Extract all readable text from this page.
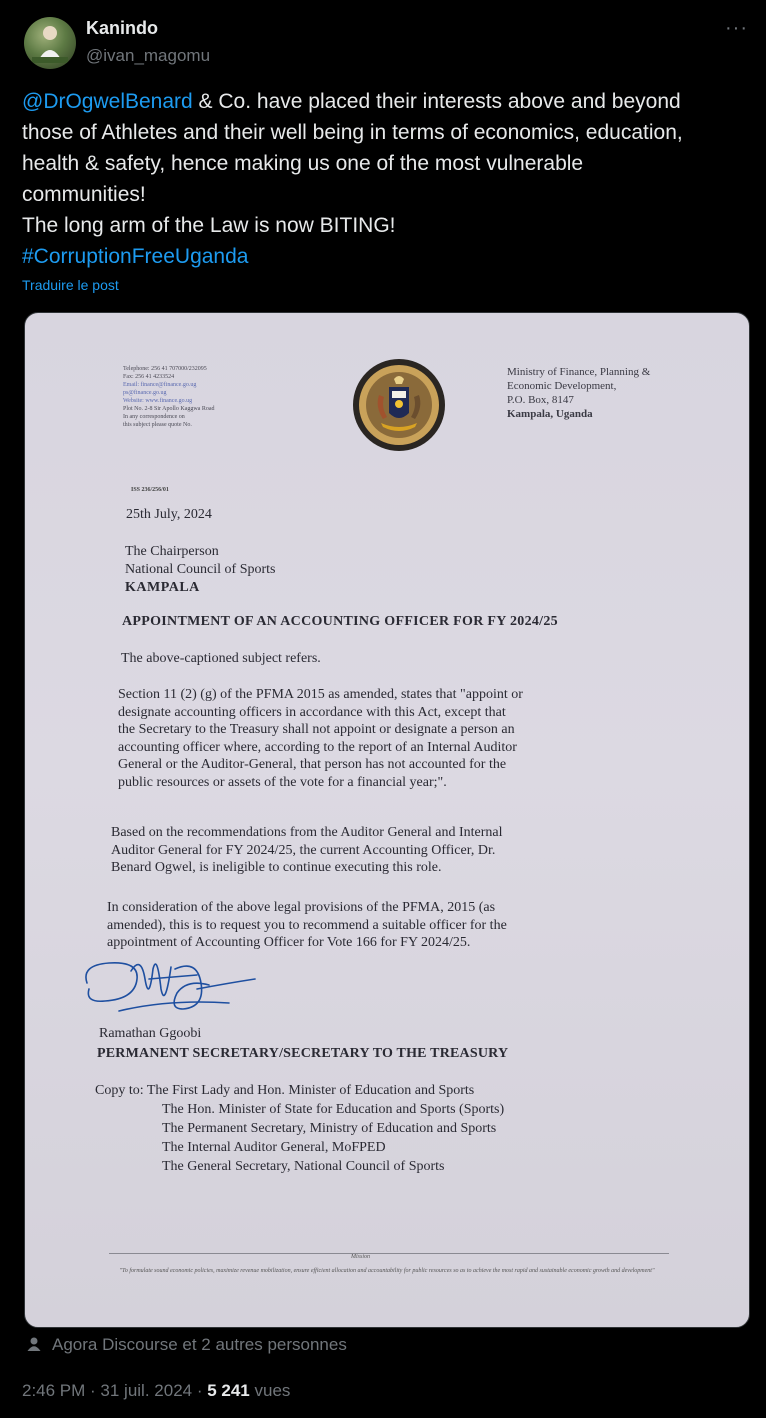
Kanindo
@ivan_magomu
···
@DrOgwelBenard & Co. have placed their interests above and beyond
those of Athletes and their well being in terms of economics, education,
health & safety, hence making us one of the most vulnerable
communities!
The long arm of the Law is now BITING!
#CorruptionFreeUganda
Traduire le post
Telephone: 256 41 707000/232095
Fax: 256 41 4233524
Email: finance@finance.go.ug
ps@finance.go.ug
Website: www.finance.go.ug
Plot No. 2-8 Sir Apollo Kaggwa Road
In any correspondence on
this subject please quote No.
Ministry of Finance, Planning &
Economic Development,
P.O. Box, 8147
Kampala, Uganda
ISS 236/256/01
25th July, 2024
The Chairperson
National Council of Sports
KAMPALA
APPOINTMENT OF AN ACCOUNTING OFFICER FOR FY 2024/25
The above-captioned subject refers.
Section 11 (2) (g) of the PFMA 2015 as amended, states that "appoint or
designate accounting officers in accordance with this Act, except that
the Secretary to the Treasury shall not appoint or designate a person an
accounting officer where, according to the report of an Internal Auditor
General or the Auditor-General, that person has not accounted for the
public resources or assets of the vote for a financial year;".
Based on the recommendations from the Auditor General and Internal
Auditor General for FY 2024/25, the current Accounting Officer, Dr.
Benard Ogwel, is ineligible to continue executing this role.
In consideration of the above legal provisions of the PFMA, 2015 (as
amended), this is to request you to recommend a suitable officer for the
appointment of Accounting Officer for Vote 166 for FY 2024/25.
Ramathan Ggoobi
PERMANENT SECRETARY/SECRETARY TO THE TREASURY
Copy to: The First Lady and Hon. Minister of Education and Sports
The Hon. Minister of State for Education and Sports (Sports)
The Permanent Secretary, Ministry of Education and Sports
The Internal Auditor General, MoFPED
The General Secretary, National Council of Sports
Mission
"To formulate sound economic policies, maximize revenue mobilization, ensure efficient allocation and accountability for public resources so as to achieve the most rapid and sustainable economic growth and development"
Agora Discourse et 2 autres personnes
2:46 PM · 31 juil. 2024 · 5 241 vues
